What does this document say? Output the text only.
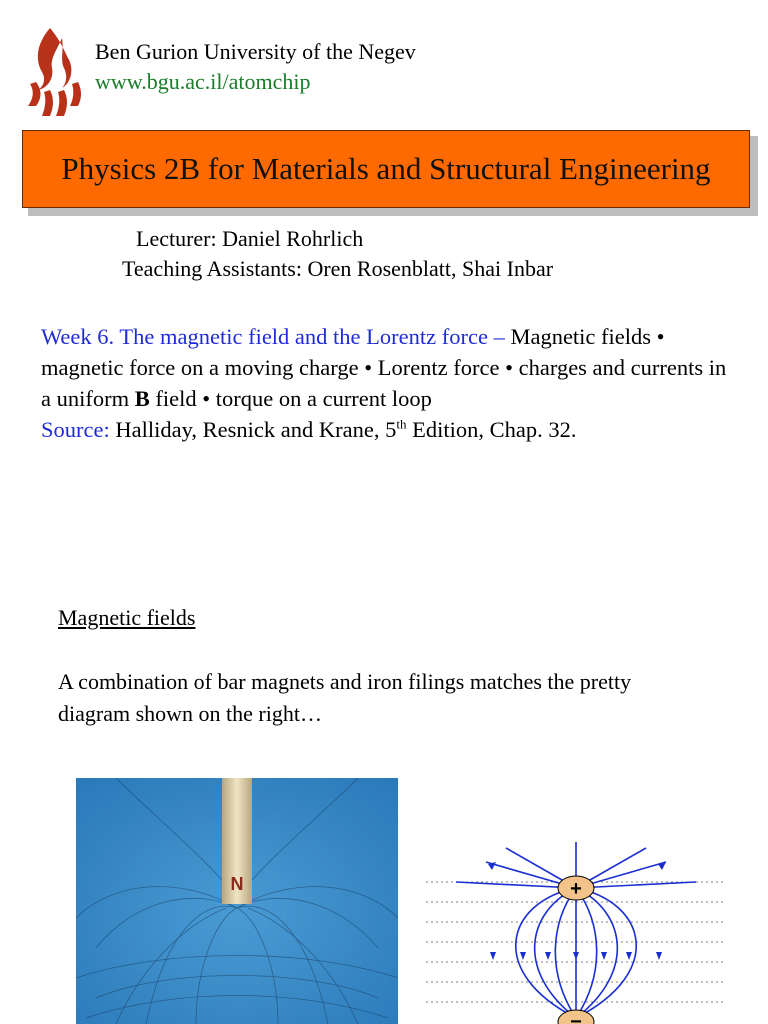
Ben Gurion University of the Negev
www.bgu.ac.il/atomchip
Physics 2B for Materials and Structural Engineering
Lecturer: Daniel Rohrlich
Teaching Assistants: Oren Rosenblatt, Shai Inbar
Week 6. The magnetic field and the Lorentz force – Magnetic fields • magnetic force on a moving charge • Lorentz force • charges and currents in a uniform B field • torque on a current loop
Source: Halliday, Resnick and Krane, 5th Edition, Chap. 32.
Magnetic fields
A combination of bar magnets and iron filings matches the pretty diagram shown on the right…
N	+
−
